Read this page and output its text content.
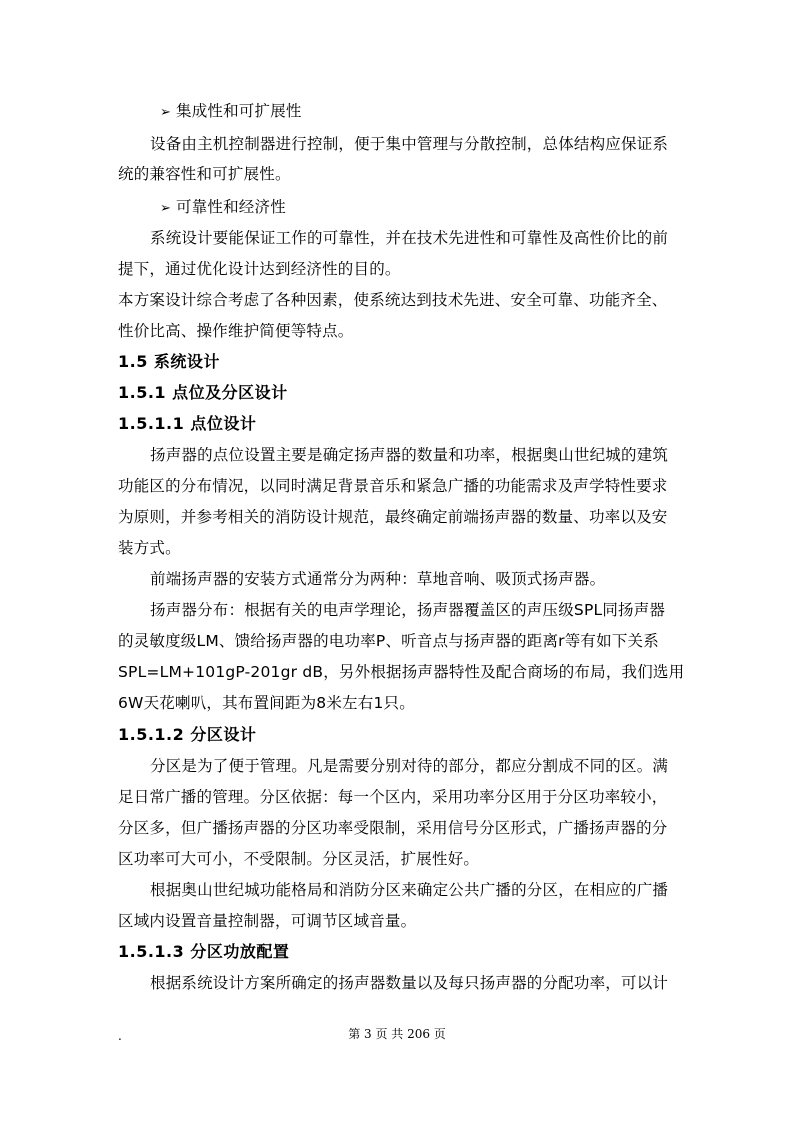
➢ 集成性和可扩展性
设备由主机控制器进行控制，便于集中管理与分散控制，总体结构应保证系
统的兼容性和可扩展性。
➢ 可靠性和经济性
系统设计要能保证工作的可靠性，并在技术先进性和可靠性及高性价比的前
提下，通过优化设计达到经济性的目的。
本方案设计综合考虑了各种因素，使系统达到技术先进、安全可靠、功能齐全、
性价比高、操作维护简便等特点。
1.5 系统设计
1.5.1 点位及分区设计
1.5.1.1 点位设计
扬声器的点位设置主要是确定扬声器的数量和功率，根据奥山世纪城的建筑
功能区的分布情况，以同时满足背景音乐和紧急广播的功能需求及声学特性要求
为原则，并参考相关的消防设计规范，最终确定前端扬声器的数量、功率以及安
装方式。
前端扬声器的安装方式通常分为两种：草地音响、吸顶式扬声器。
扬声器分布：根据有关的电声学理论，扬声器覆盖区的声压级SPL同扬声器
的灵敏度级LM、馈给扬声器的电功率P、听音点与扬声器的距离r等有如下关系
SPL=LM+101gP-201gr dB，另外根据扬声器特性及配合商场的布局，我们选用
6W天花喇叭，其布置间距为8米左右1只。
1.5.1.2 分区设计
分区是为了便于管理。凡是需要分别对待的部分，都应分割成不同的区。满
足日常广播的管理。分区依据：每一个区内，采用功率分区用于分区功率较小，
分区多，但广播扬声器的分区功率受限制，采用信号分区形式，广播扬声器的分
区功率可大可小，不受限制。分区灵活，扩展性好。
根据奥山世纪城功能格局和消防分区来确定公共广播的分区，在相应的广播
区域内设置音量控制器，可调节区域音量。
1.5.1.3 分区功放配置
根据系统设计方案所确定的扬声器数量以及每只扬声器的分配功率，可以计
.	第 3 页 共 206 页
